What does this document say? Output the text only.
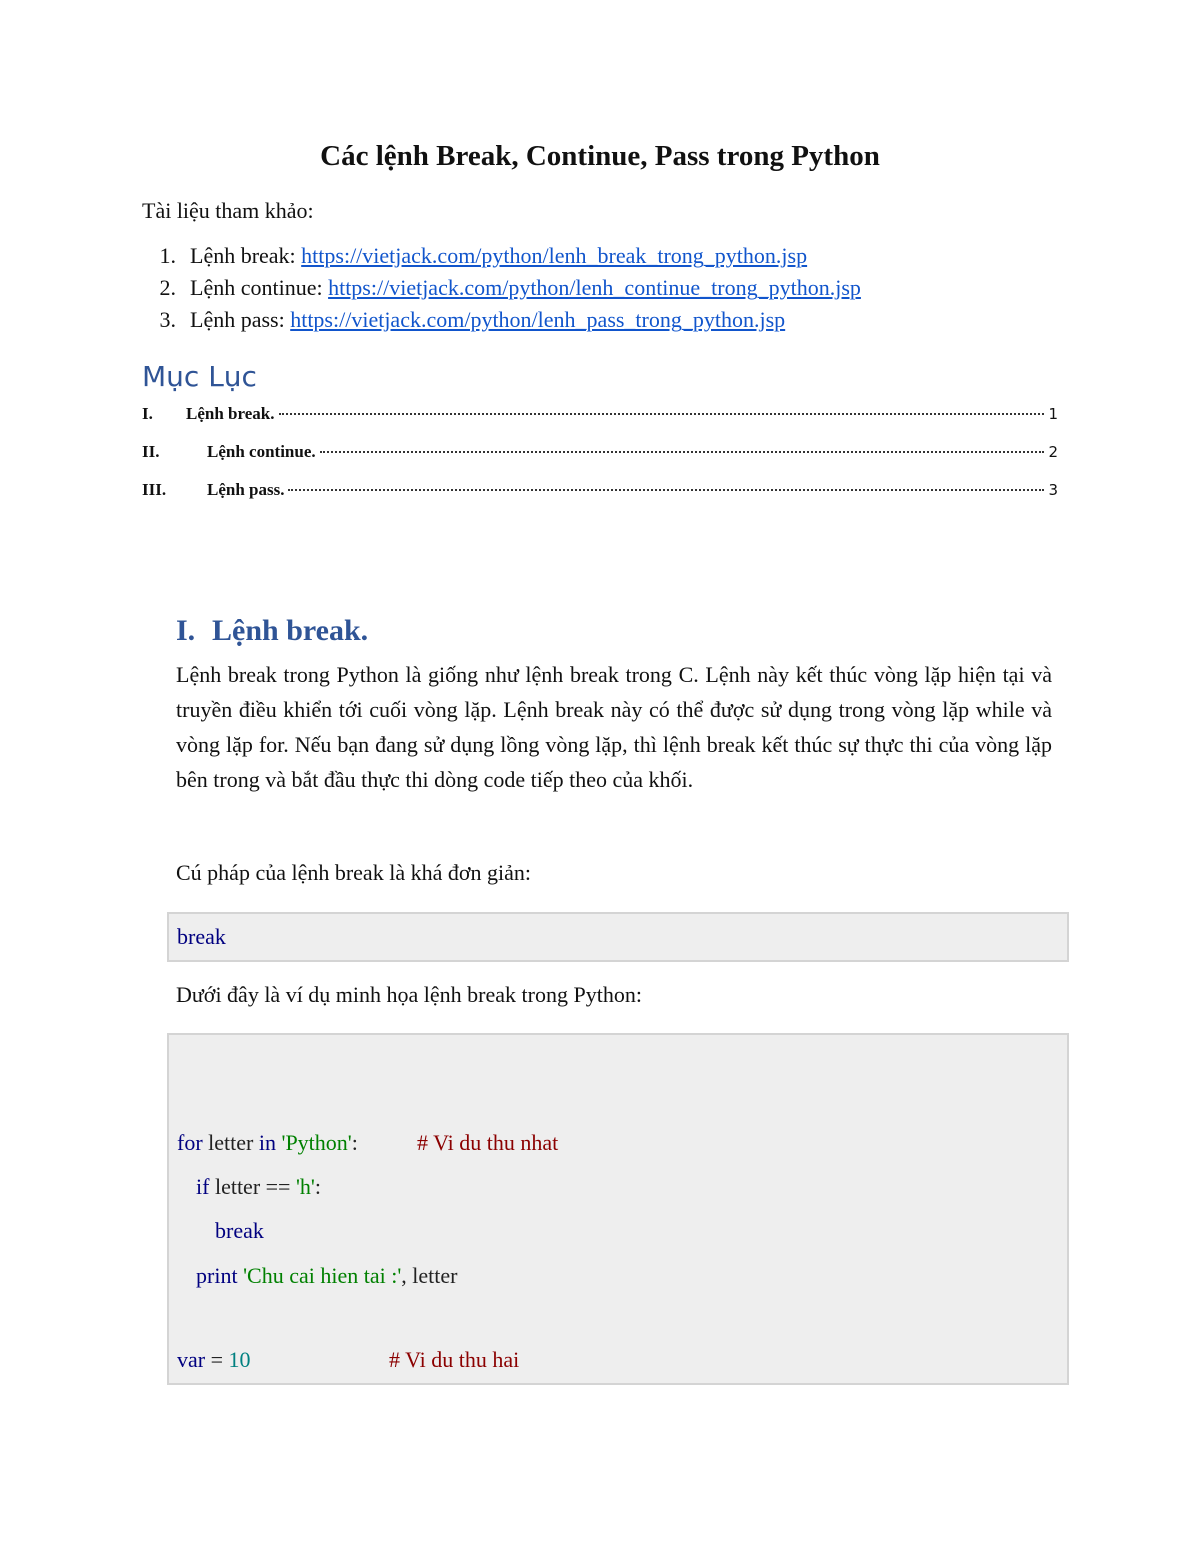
Các lệnh Break, Continue, Pass trong Python
Tài liệu tham khảo:
1. Lệnh break: https://vietjack.com/python/lenh_break_trong_python.jsp
2. Lệnh continue: https://vietjack.com/python/lenh_continue_trong_python.jsp
3. Lệnh pass: https://vietjack.com/python/lenh_pass_trong_python.jsp
Mục Lục
I.	Lệnh break.	1
II.	Lệnh continue.	2
III.	Lệnh pass.	3
I. Lệnh break.

Lệnh break trong Python là giống như lệnh break trong C. Lệnh này kết thúc vòng lặp hiện tại và truyền điều khiển tới cuối vòng lặp. Lệnh break này có thể được sử dụng trong vòng lặp while và vòng lặp for. Nếu bạn đang sử dụng lồng vòng lặp, thì lệnh break kết thúc sự thực thi của vòng lặp bên trong và bắt đầu thực thi dòng code tiếp theo của khối.

Cú pháp của lệnh break là khá đơn giản:
break
Dưới đây là ví dụ minh họa lệnh break trong Python:
for letter in 'Python':	# Vi du thu nhat
if letter == 'h':
break
print 'Chu cai hien tai :', letter
var = 10	# Vi du thu hai
